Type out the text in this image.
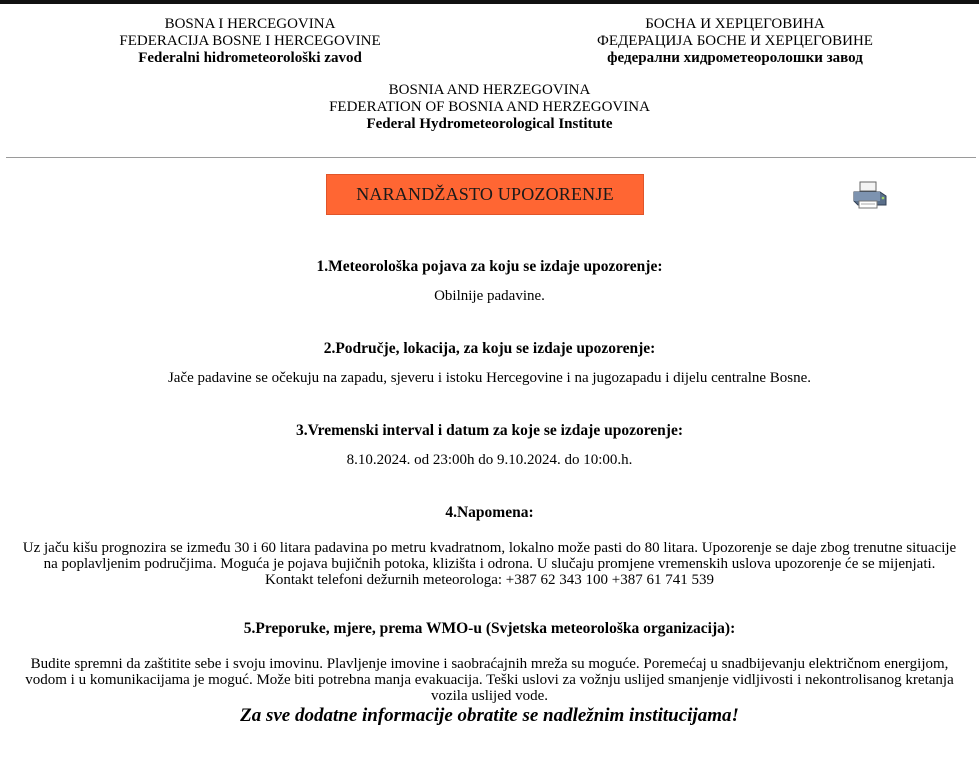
BOSNA I HERCEGOVINA
FEDERACIJA BOSNE I HERCEGOVINE
Federalni hidrometeorološki zavod
БОСНА И ХЕРЦЕГОВИНА
ФЕДЕРАЦИЈА БОСНЕ И ХЕРЦЕГОВИНЕ
федерални хидрометеоролошки завод
BOSNIA AND HERZEGOVINA
FEDERATION OF BOSNIA AND HERZEGOVINA
Federal Hydrometeorological Institute
NARANDŽASTO UPOZORENJE
1.Meteorološka pojava za koju se izdaje upozorenje:
Obilnije padavine.
2.Područje, lokacija, za koju se izdaje upozorenje:
Jače padavine se očekuju na zapadu, sjeveru i istoku Hercegovine i na jugozapadu i dijelu centralne Bosne.
3.Vremenski interval i datum za koje se izdaje upozorenje:
8.10.2024. od 23:00h do 9.10.2024. do 10:00.h.
4.Napomena:
Uz jaču kišu prognozira se između 30 i 60 litara padavina po metru kvadratnom, lokalno može pasti do 80 litara. Upozorenje se daje zbog trenutne situacije na poplavljenim područjima. Moguća je pojava bujičnih potoka, klizišta i odrona. U slučaju promjene vremenskih uslova upozorenje će se mijenjati. Kontakt telefoni dežurnih meteorologa: +387 62 343 100 +387 61 741 539
5.Preporuke, mjere, prema WMO-u (Svjetska meteorološka organizacija):
Budite spremni da zaštitite sebe i svoju imovinu. Plavljenje imovine i saobraćajnih mreža su moguće. Poremećaj u snadbijevanju električnom energijom, vodom i u komunikacijama je moguć. Može biti potrebna manja evakuacija. Teški uslovi za vožnju uslijed smanjenje vidljivosti i nekontrolisanog kretanja vozila uslijed vode.
Za sve dodatne informacije obratite se nadležnim institucijama!
